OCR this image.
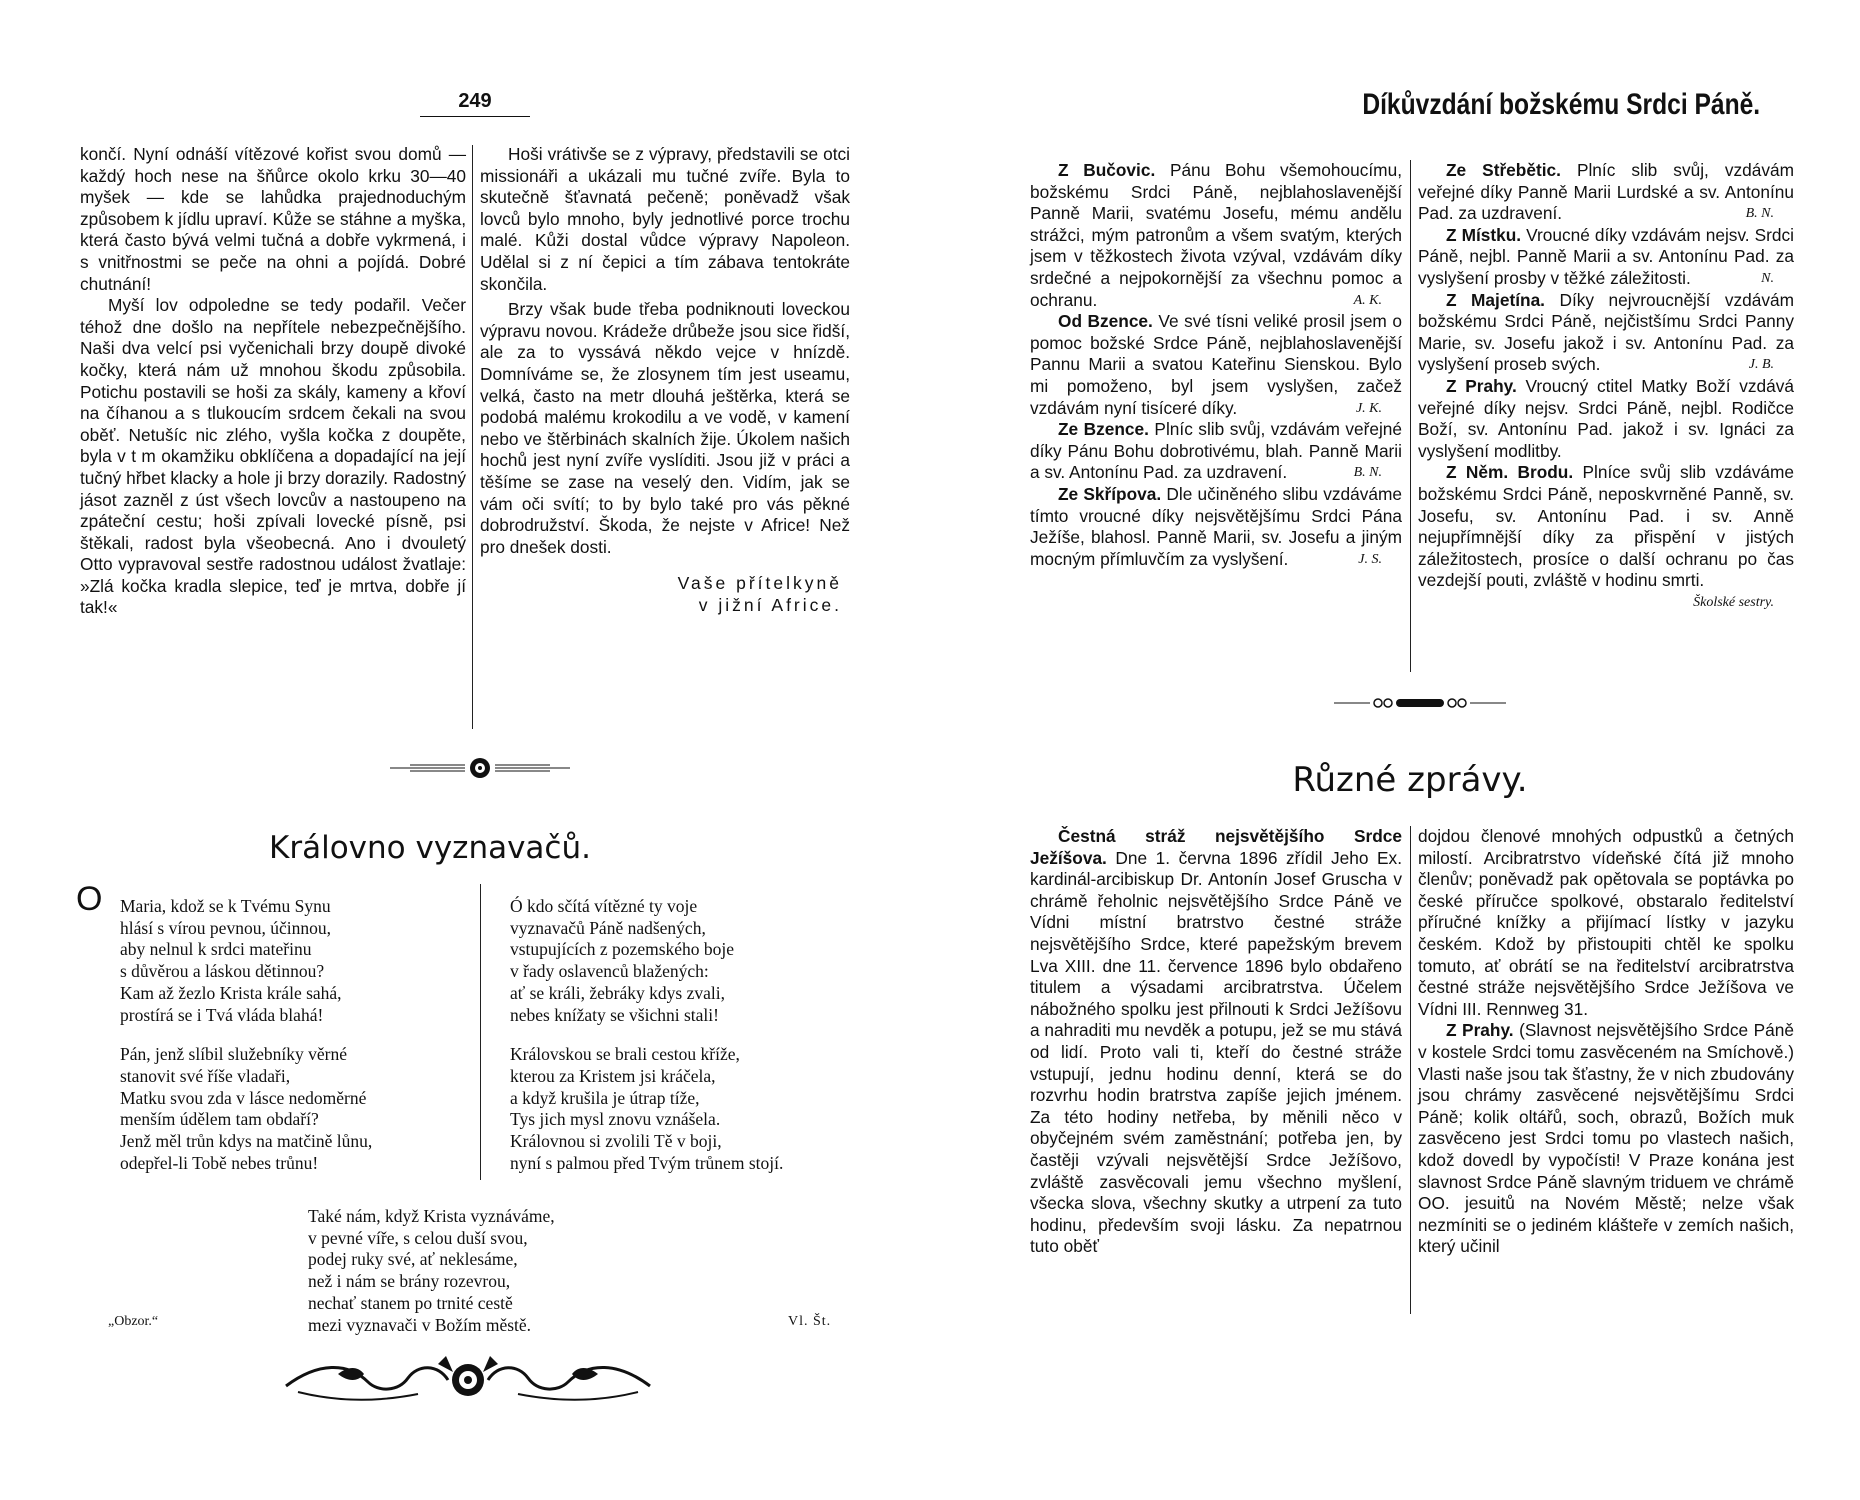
249

končí. Nyní odnáší vítězové kořist svou domů — každý hoch nese na šňůrce okolo krku 30—40 myšek — kde se lahůdka prajednoduchým způsobem k jídlu upraví. Kůže se stáhne a myška, která často bývá velmi tučná a dobře vykrmená, i s vnitřnostmi se peče na ohni a pojídá. Dobré chutnání!

Myší lov odpoledne se tedy podařil. Večer téhož dne došlo na nepřítele nebezpečnějšího. Naši dva velcí psi vyčenichali brzy doupě divoké kočky, která nám už mnohou škodu způsobila. Potichu postavili se hoši za skály, kameny a křoví na číhanou a s tlukoucím srdcem čekali na svou oběť. Netušíc nic zlého, vyšla kočka z doupěte, byla v t m okamžiku obklíčena a dopadající na její tučný hřbet klacky a hole ji brzy dorazily. Radostný jásot zazněl z úst všech lovcův a nastoupeno na zpáteční cestu; hoši zpívali lovecké písně, psi štěkali, radost byla všeobecná. Ano i dvouletý Otto vypravoval sestře radostnou událost žvatlaje: »Zlá kočka kradla slepice, teď je mrtva, dobře jí tak!«

Hoši vrátivše se z výpravy, představili se otci missionáři a ukázali mu tučné zvíře. Byla to skutečně šťavnatá pečeně; poněvadž však lovců bylo mnoho, byly jednotlivé porce trochu malé. Kůži dostal vůdce výpravy Napoleon. Udělal si z ní čepici a tím zábava tentokráte skončila.

Brzy však bude třeba podniknouti loveckou výpravu novou. Krádeže drůbeže jsou sice řidší, ale za to vyssává někdo vejce v hnízdě. Domníváme se, že zlosynem tím jest useamu, velká, často na metr dlouhá ještěrka, která se podobá malému krokodilu a ve vodě, v kamení nebo ve štěrbinách skalních žije. Úkolem našich hochů jest nyní zvíře vyslíditi. Jsou již v práci a těšíme se zase na veselý den. Vidím, jak se vám oči svítí; to by bylo také pro vás pěkné dobrodružství. Škoda, že nejste v Africe! Než pro dnešek dosti.

Vaše přítelkyně
v jižní Africe.
Královno vyznavačů.
O Maria, kdož se k Tvému Synu
hlásí s vírou pevnou, účinnou,
aby nelnul k srdci mateřinu
s důvěrou a láskou dětinnou?
Kam až žezlo Krista krále sahá,
prostírá se i Tvá vláda blahá!
Pán, jenž slíbil služebníky věrné
stanovit své říše vladaři,
Matku svou zda v lásce nedoměrné
menším údělem tam obdaří?
Jenž měl trůn kdys na matčině lůnu,
odepřel-li Tobě nebes trůnu!
Ó kdo sčítá vítězné ty voje
vyznavačů Páně nadšených,
vstupujících z pozemského boje
v řady oslavenců blažených:
ať se králi, žebráky kdys zvali,
nebes knížaty se všichni stali!
Královskou se brali cestou kříže,
kterou za Kristem jsi kráčela,
a když krušila je útrap tíže,
Tys jich mysl znovu vznášela.
Královnou si zvolili Tě v boji,
nyní s palmou před Tvým trůnem stojí.
Také nám, když Krista vyznáváme,
v pevné víře, s celou duší svou,
podej ruky své, ať neklesáme,
než i nám se brány rozevrou,
nechať stanem po trnité cestě
mezi vyznavači v Božím městě.
„Obzor.“	Vl. Št.
Díkůvzdání božskému Srdci Páně.

Z Bučovic. Pánu Bohu všemohoucímu, božskému Srdci Páně, nejblahoslavenější Panně Marii, svatému Josefu, mému andělu strážci, mým patronům a všem svatým, kterých jsem v těžkostech života vzýval, vzdávám díky srdečné a nejpokornější za všechnu pomoc a ochranu.	A. K.

Od Bzence. Ve své tísni veliké prosil jsem o pomoc božské Srdce Páně, nejblahoslavenější Pannu Marii a svatou Kateřinu Sienskou. Bylo mi pomoženo, byl jsem vyslyšen, začež vzdávám nyní tisíceré díky.	J. K.

Ze Bzence. Plníc slib svůj, vzdávám veřejné díky Pánu Bohu dobrotivému, blah. Panně Marii a sv. Antonínu Pad. za uzdravení.	B. N.

Ze Skřípova. Dle učiněného slibu vzdáváme tímto vroucné díky nejsvětějšímu Srdci Pána Ježíše, blahosl. Panně Marii, sv. Josefu a jiným mocným přímluvčím za vyslyšení.	J. S.

Ze Střebětic. Plníc slib svůj, vzdávám veřejné díky Panně Marii Lurdské a sv. Antonínu Pad. za uzdravení.	B. N.

Z Místku. Vroucné díky vzdávám nejsv. Srdci Páně, nejbl. Panně Marii a sv. Antonínu Pad. za vyslyšení prosby v těžké záležitosti.	N.

Z Majetína. Díky nejvroucnější vzdávám božskému Srdci Páně, nejčistšímu Srdci Panny Marie, sv. Josefu jakož i sv. Antonínu Pad. za vyslyšení proseb svých.	J. B.

Z Prahy. Vroucný ctitel Matky Boží vzdává veřejné díky nejsv. Srdci Páně, nejbl. Rodičce Boží, sv. Antonínu Pad. jakož i sv. Ignáci za vyslyšení modlitby.

Z Něm. Brodu. Plníce svůj slib vzdáváme božskému Srdci Páně, neposkvrněné Panně, sv. Josefu, sv. Antonínu Pad. i sv. Anně nejupřímnější díky za přispění v jistých záležitostech, prosíce o další ochranu po čas vezdejší pouti, zvláště v hodinu smrti.
Školské sestry.

Různé zprávy.

Čestná stráž nejsvětějšího Srdce Ježíšova. Dne 1. června 1896 zřídil Jeho Ex. kardinál-arcibiskup Dr. Antonín Josef Gruscha v chrámě řeholnic nejsvětějšího Srdce Páně ve Vídni místní bratrstvo čestné stráže nejsvětějšího Srdce, které papežským brevem Lva XIII. dne 11. července 1896 bylo obdařeno titulem a výsadami arcibratrstva. Účelem nábožného spolku jest přilnouti k Srdci Ježíšovu a nahraditi mu nevděk a potupu, jež se mu stává od lidí. Proto vali ti, kteří do čestné stráže vstupují, jednu hodinu denní, která se do rozvrhu hodin bratrstva zapíše jejich jménem. Za této hodiny netřeba, by měnili něco v obyčejném svém zaměstnání; potřeba jen, by častěji vzývali nejsvětější Srdce Ježíšovo, zvláště zasvěcovali jemu všechno myšlení, všecka slova, všechny skutky a utrpení za tuto hodinu, především svoji lásku. Za nepatrnou tuto oběť

dojdou členové mnohých odpustků a četných milostí. Arcibratrstvo vídeňské čítá již mnoho členův; poněvadž pak opětovala se poptávka po české příručce spolkové, obstaralo ředitelství příručné knížky a přijímací lístky v jazyku českém. Kdož by přistoupiti chtěl ke spolku tomuto, ať obrátí se na ředitelství arcibratrstva čestné stráže nejsvětějšího Srdce Ježíšova ve Vídni III. Rennweg 31.

Z Prahy. (Slavnost nejsvětějšího Srdce Páně v kostele Srdci tomu zasvěceném na Smíchově.) Vlasti naše jsou tak šťastny, že v nich zbudovány jsou chrámy zasvěcené nejsvětějšímu Srdci Páně; kolik oltářů, soch, obrazů, Božích muk zasvěceno jest Srdci tomu po vlastech našich, kdož dovedl by vypočísti! V Praze konána jest slavnost Srdce Páně slavným triduem ve chrámě OO. jesuitů na Novém Městě; nelze však nezmíniti se o jediném klášteře v zemích našich, který učinil
